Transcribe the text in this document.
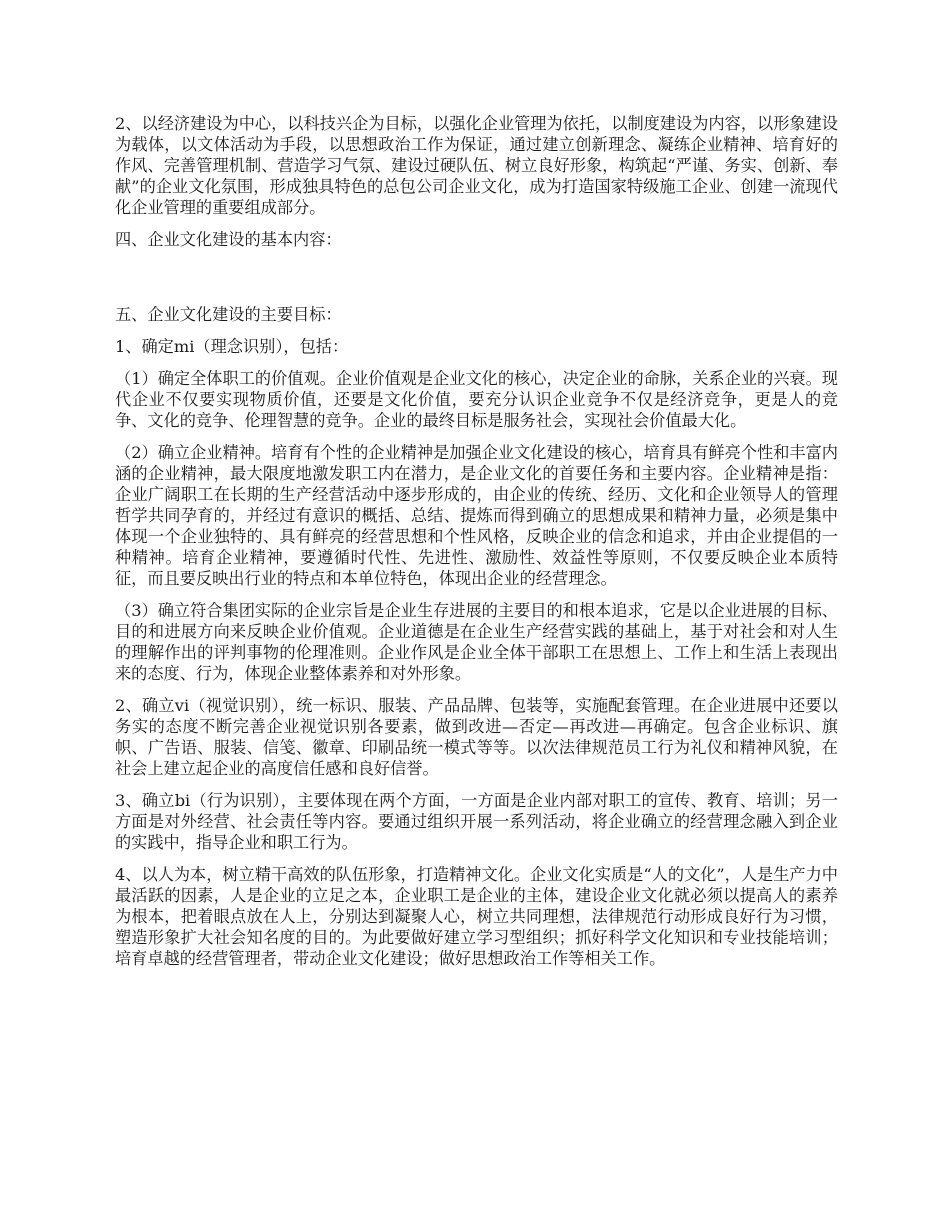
2、以经济建设为中心，以科技兴企为目标，以强化企业管理为依托，以制度建设为内容，以形象建设为载体，以文体活动为手段，以思想政治工作为保证，通过建立创新理念、凝练企业精神、培育好的作风、完善管理机制、营造学习气氛、建设过硬队伍、树立良好形象，构筑起“严谨、务实、创新、奉献”的企业文化氛围，形成独具特色的总包公司企业文化，成为打造国家特级施工企业、创建一流现代化企业管理的重要组成部分。

四、企业文化建设的基本内容：

五、企业文化建设的主要目标：

1、确定mi（理念识别），包括：

（1）确定全体职工的价值观。企业价值观是企业文化的核心，决定企业的命脉，关系企业的兴衰。现代企业不仅要实现物质价值，还要是文化价值，要充分认识企业竞争不仅是经济竞争，更是人的竞争、文化的竞争、伦理智慧的竞争。企业的最终目标是服务社会，实现社会价值最大化。

（2）确立企业精神。培育有个性的企业精神是加强企业文化建设的核心，培育具有鲜亮个性和丰富内涵的企业精神，最大限度地激发职工内在潜力，是企业文化的首要任务和主要内容。企业精神是指：企业广阔职工在长期的生产经营活动中逐步形成的，由企业的传统、经历、文化和企业领导人的管理哲学共同孕育的，并经过有意识的概括、总结、提炼而得到确立的思想成果和精神力量，必须是集中体现一个企业独特的、具有鲜亮的经营思想和个性风格，反映企业的信念和追求，并由企业提倡的一种精神。培育企业精神，要遵循时代性、先进性、激励性、效益性等原则，不仅要反映企业本质特征，而且要反映出行业的特点和本单位特色，体现出企业的经营理念。

（3）确立符合集团实际的企业宗旨是企业生存进展的主要目的和根本追求，它是以企业进展的目标、目的和进展方向来反映企业价值观。企业道德是在企业生产经营实践的基础上，基于对社会和对人生的理解作出的评判事物的伦理准则。企业作风是企业全体干部职工在思想上、工作上和生活上表现出来的态度、行为，体现企业整体素养和对外形象。

2、确立vi（视觉识别），统一标识、服装、产品品牌、包装等，实施配套管理。在企业进展中还要以务实的态度不断完善企业视觉识别各要素，做到改进—否定—再改进—再确定。包含企业标识、旗帜、广告语、服装、信笺、徽章、印刷品统一模式等等。以次法律规范员工行为礼仪和精神风貌，在社会上建立起企业的高度信任感和良好信誉。

3、确立bi（行为识别），主要体现在两个方面，一方面是企业内部对职工的宣传、教育、培训；另一方面是对外经营、社会责任等内容。要通过组织开展一系列活动，将企业确立的经营理念融入到企业的实践中，指导企业和职工行为。

4、以人为本，树立精干高效的队伍形象，打造精神文化。企业文化实质是“人的文化”，人是生产力中最活跃的因素，人是企业的立足之本，企业职工是企业的主体，建设企业文化就必须以提高人的素养为根本，把着眼点放在人上，分别达到凝聚人心，树立共同理想，法律规范行动形成良好行为习惯，塑造形象扩大社会知名度的目的。为此要做好建立学习型组织；抓好科学文化知识和专业技能培训；培育卓越的经营管理者，带动企业文化建设；做好思想政治工作等相关工作。
